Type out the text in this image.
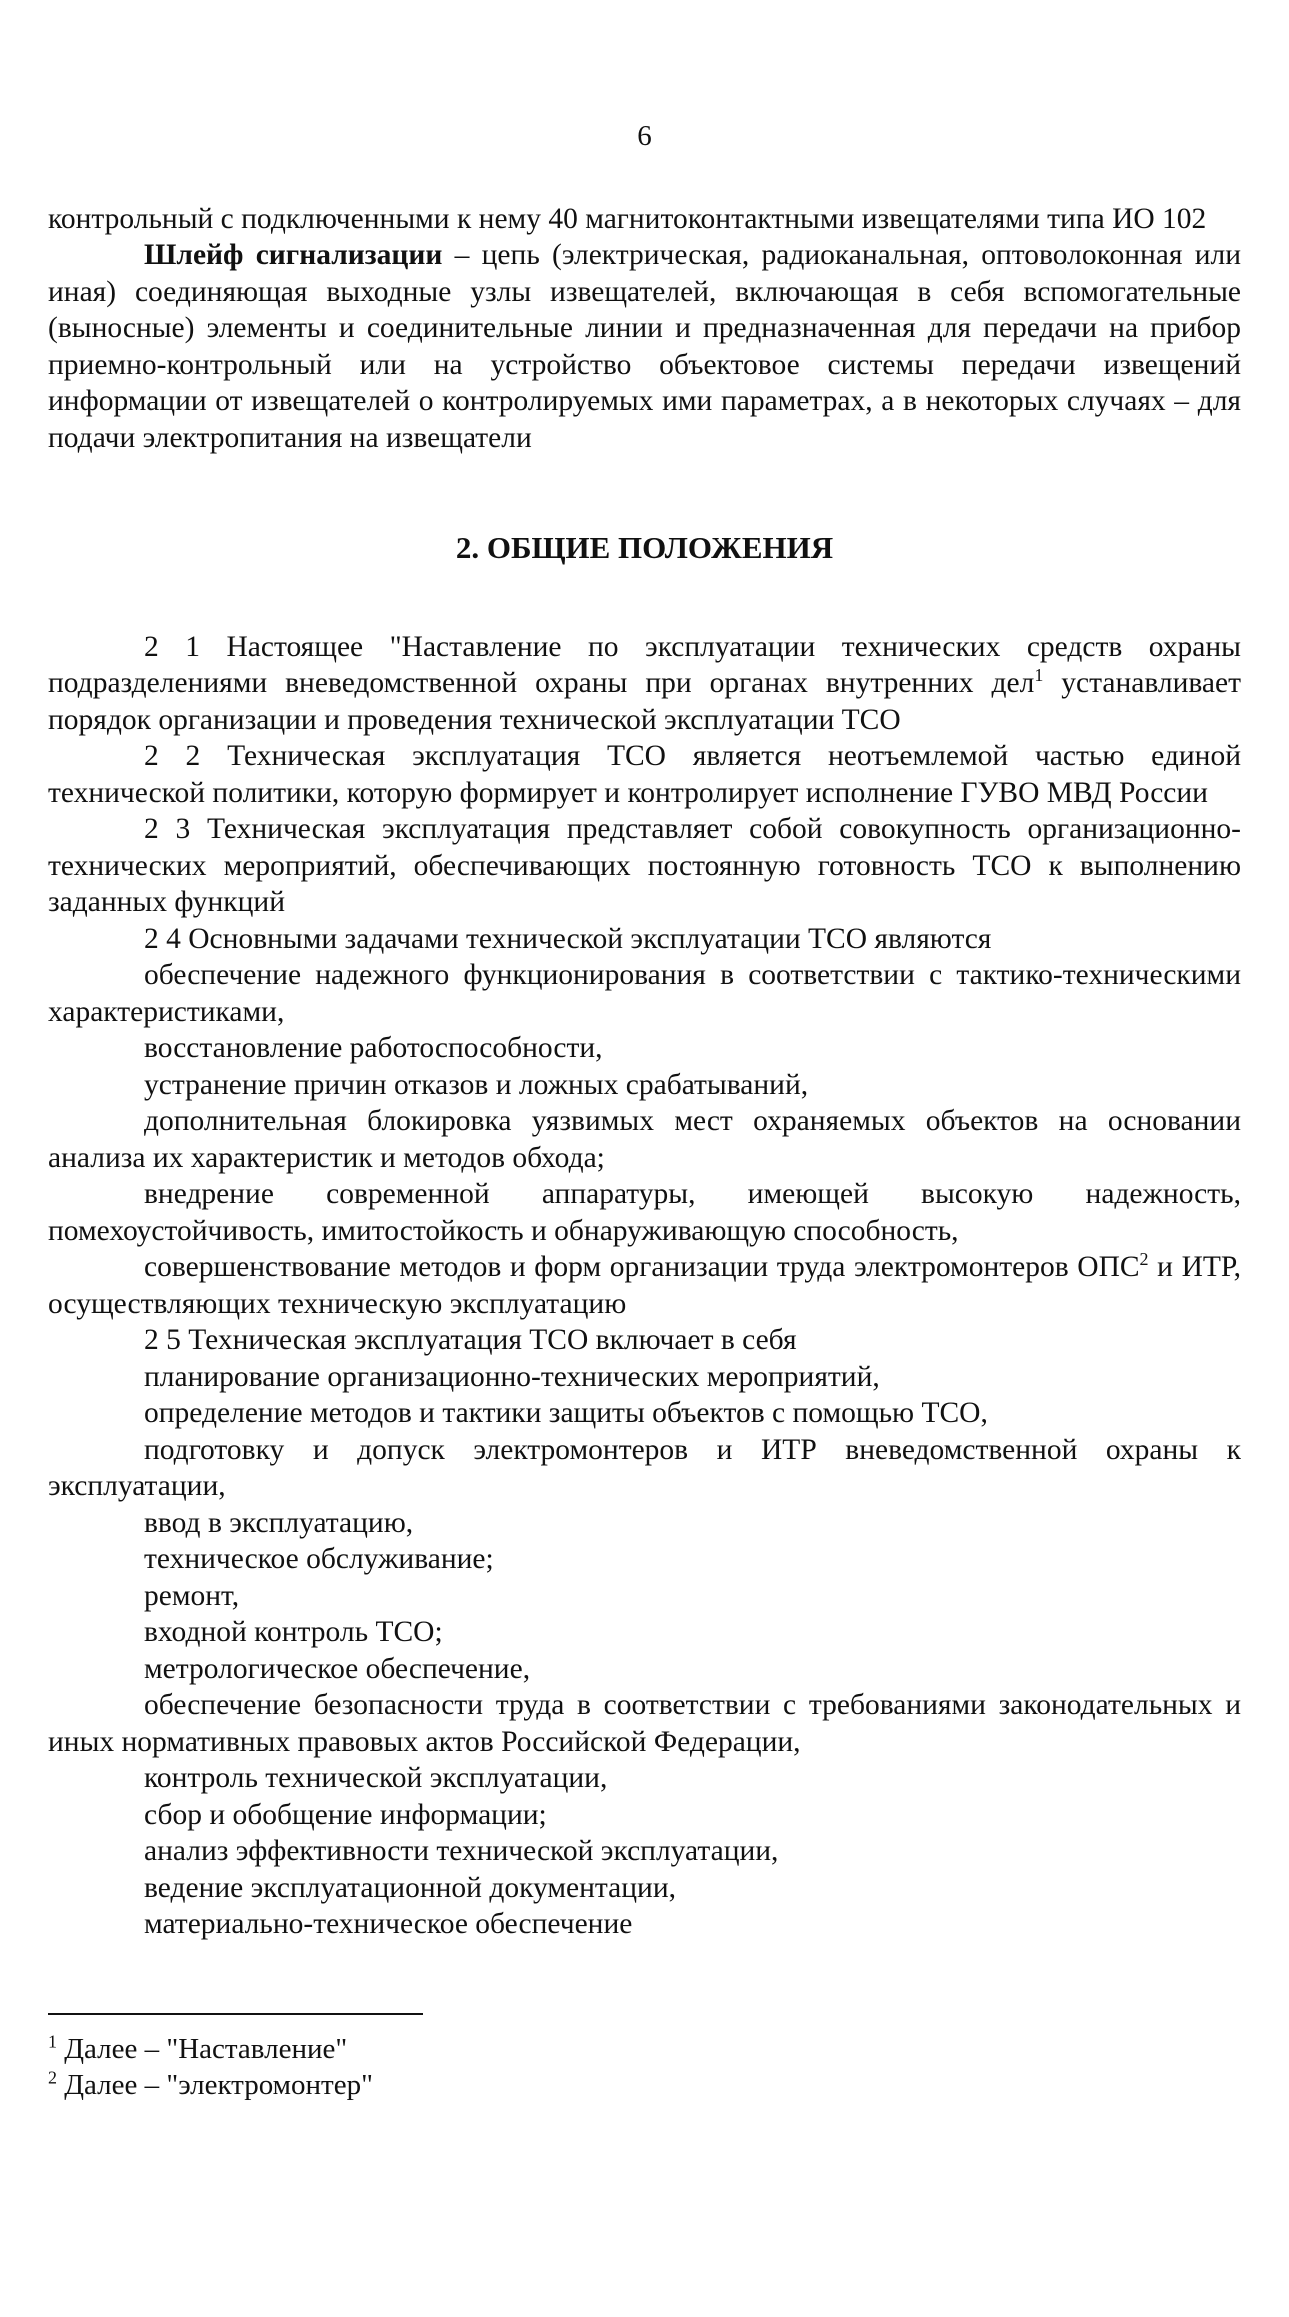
6

контрольный с подключенными к нему 40 магнитоконтактными извещателями типа ИО 102

Шлейф сигнализации – цепь (электрическая, радиоканальная, оптоволоконная или иная) соединяющая выходные узлы извещателей, включающая в себя вспомогательные (выносные) элементы и соединительные линии и предназначенная для передачи на прибор приемно-контрольный или на устройство объектовое системы передачи извещений информации от извещателей о контролируемых ими параметрах, а в некоторых случаях – для подачи электропитания на извещатели

2. ОБЩИЕ ПОЛОЖЕНИЯ

2 1 Настоящее "Наставление по эксплуатации технических средств охраны подразделениями вневедомственной охраны при органах внутренних дел$^1$ устанавливает порядок организации и проведения технической эксплуатации ТСО

2 2 Техническая эксплуатация ТСО является неотъемлемой частью единой технической политики, которую формирует и контролирует исполнение ГУВО МВД России

2 3 Техническая эксплуатация представляет собой совокупность организационно-технических мероприятий, обеспечивающих постоянную готовность ТСО к выполнению заданных функций

2 4 Основными задачами технической эксплуатации ТСО являются

обеспечение надежного функционирования в соответствии с тактико-техническими характеристиками,

восстановление работоспособности,

устранение причин отказов и ложных срабатываний,

дополнительная блокировка уязвимых мест охраняемых объектов на основании анализа их характеристик и методов обхода;

внедрение современной аппаратуры, имеющей высокую надежность, помехоустойчивость, имитостойкость и обнаруживающую способность,

совершенствование методов и форм организации труда электромонтеров ОПС$^2$ и ИТР, осуществляющих техническую эксплуатацию

2 5 Техническая эксплуатация ТСО включает в себя

планирование организационно-технических мероприятий,

определение методов и тактики защиты объектов с помощью ТСО,

подготовку и допуск электромонтеров и ИТР вневедомственной охраны к эксплуатации,

ввод в эксплуатацию,

техническое обслуживание;

ремонт,

входной контроль ТСО;

метрологическое обеспечение,

обеспечение безопасности труда в соответствии с требованиями законодательных и иных нормативных правовых актов Российской Федерации,

контроль технической эксплуатации,

сбор и обобщение информации;

анализ эффективности технической эксплуатации,

ведение эксплуатационной документации,

материально-техническое обеспечение

$^1$ Далее – "Наставление"

$^2$ Далее – "электромонтер"
